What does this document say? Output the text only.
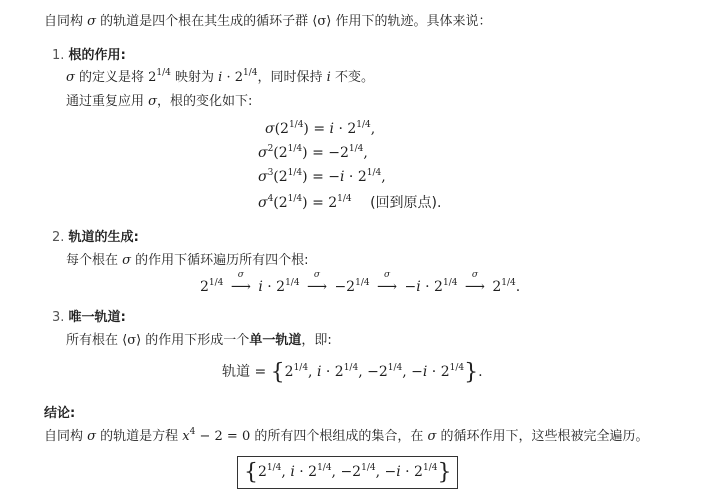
自同构 σ 的轨道是四个根在其生成的循环子群 ⟨σ⟩ 作用下的轨迹。具体来说：
1. 根的作用:
σ 的定义是将 $2^{1/4}$ 映射为 $i \cdot 2^{1/4}$，同时保持 i 不变。
通过重复应用 σ，根的变化如下:
$\sigma(2^{1/4}) = i \cdot 2^{1/4}$,
$\sigma^2(2^{1/4}) = -2^{1/4}$,
$\sigma^3(2^{1/4}) = -i \cdot 2^{1/4}$,
$\sigma^4(2^{1/4}) = 2^{1/4}$ (回到原点).
2. 轨道的生成:
每个根在 σ 的作用下循环遍历所有四个根:
$2^{1/4}$
σ
⟶ $i \cdot 2^{1/4}$
σ
⟶ $-2^{1/4}$
σ
⟶ $-i \cdot 2^{1/4}$
σ
⟶ $2^{1/4}$.
3. 唯一轨道:
所有根在 ⟨σ⟩ 的作用下形成一个单一轨道，即:
轨道 = {$2^{1/4}$, $i \cdot 2^{1/4}$, $-2^{1/4}$, $-i \cdot 2^{1/4}$}.
结论:
自同构 σ 的轨道是方程 $x^4 - 2 = 0$ 的所有四个根组成的集合，在 σ 的循环作用下，这些根被完全遍历。
{$2^{1/4}$, $i \cdot 2^{1/4}$, $-2^{1/4}$, $-i \cdot 2^{1/4}$}
